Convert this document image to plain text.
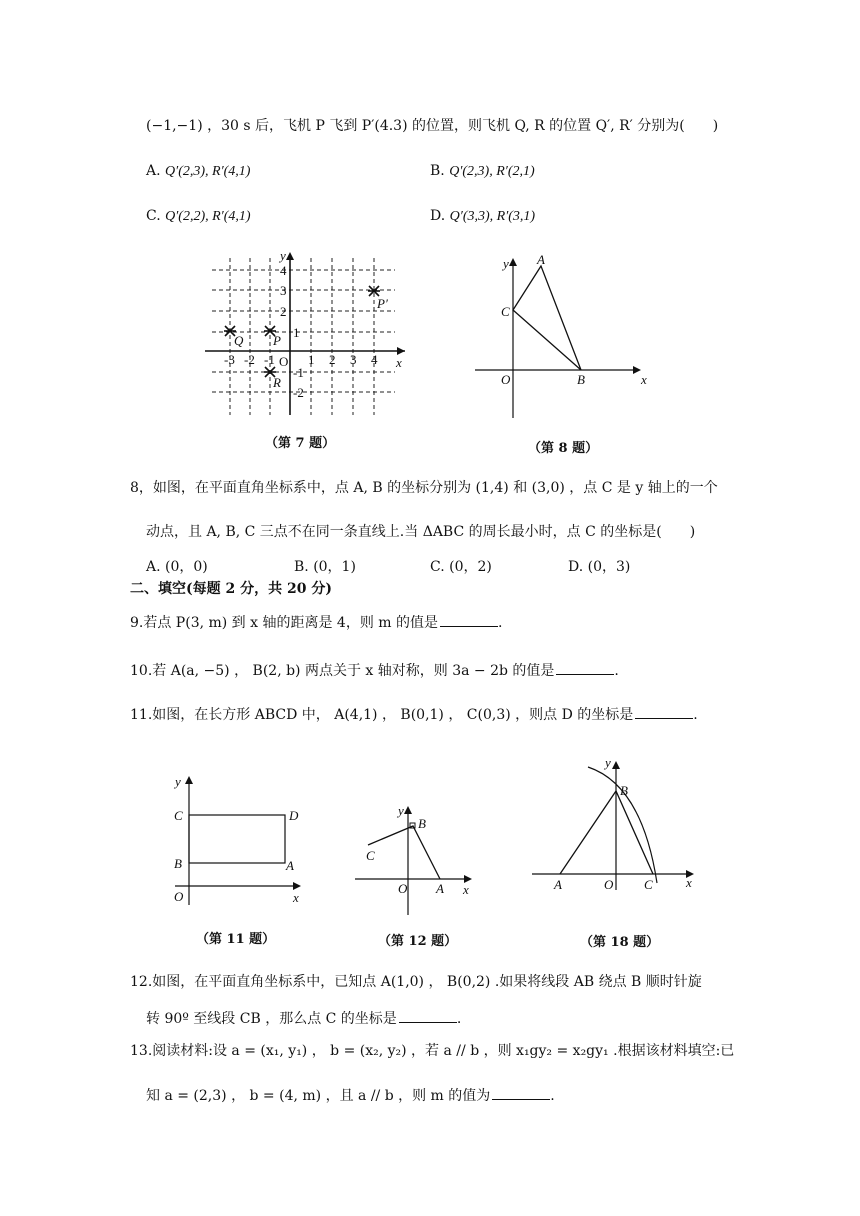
(−1,−1) ，30 s 后，飞机 P 飞到 P′(4.3) 的位置，则飞机 Q, R 的位置 Q′, R′ 分别为(　　)
A. Q′(2,3), R′(4,1)	B. Q′(2,3), R′(2,1)
C. Q′(2,2), R′(4,1)	D. Q′(3,3), R′(3,1)
y
x
O
-3 -2 -1	1 2 3 4
4
3
2
1
-1
-2
Q P
R
P′
（第 7 题）
y
x
A
C
O	B
（第 8 题）
8，如图，在平面直角坐标系中，点 A, B 的坐标分别为 (1,4) 和 (3,0) ，点 C 是 y 轴上的一个
动点，且 A, B, C 三点不在同一条直线上.当 ΔABC 的周长最小时，点 C 的坐标是(　　)
A. (0，0)	B. (0，1)	C. (0，2)	D. (0，3)
二、填空(每题 2 分，共 20 分)
9.若点 P(3, m) 到 x 轴的距离是 4，则 m 的值是	.
10.若 A(a, −5) ， B(2, b) 两点关于 x 轴对称，则 3a − 2b 的值是	.
11.如图，在长方形 ABCD 中， A(4,1) ， B(0,1) ， C(0,3) ，则点 D 的坐标是	.
y
x
C	D
B	A
O
（第 11 题）
y
x
B
C
O A
（第 12 题）
y
x
B
A	O C
（第 18 题）
12.如图，在平面直角坐标系中，已知点 A(1,0) ， B(0,2) .如果将线段 AB 绕点 B 顺时针旋
转 90º 至线段 CB ，那么点 C 的坐标是	.
13.阅读材料:设 a = (x₁, y₁) ， b = (x₂, y₂) ，若 a // b ，则 x₁gy₂ = x₂gy₁ .根据该材料填空:已
知 a = (2,3) ， b = (4, m) ，且 a // b ，则 m 的值为	.
